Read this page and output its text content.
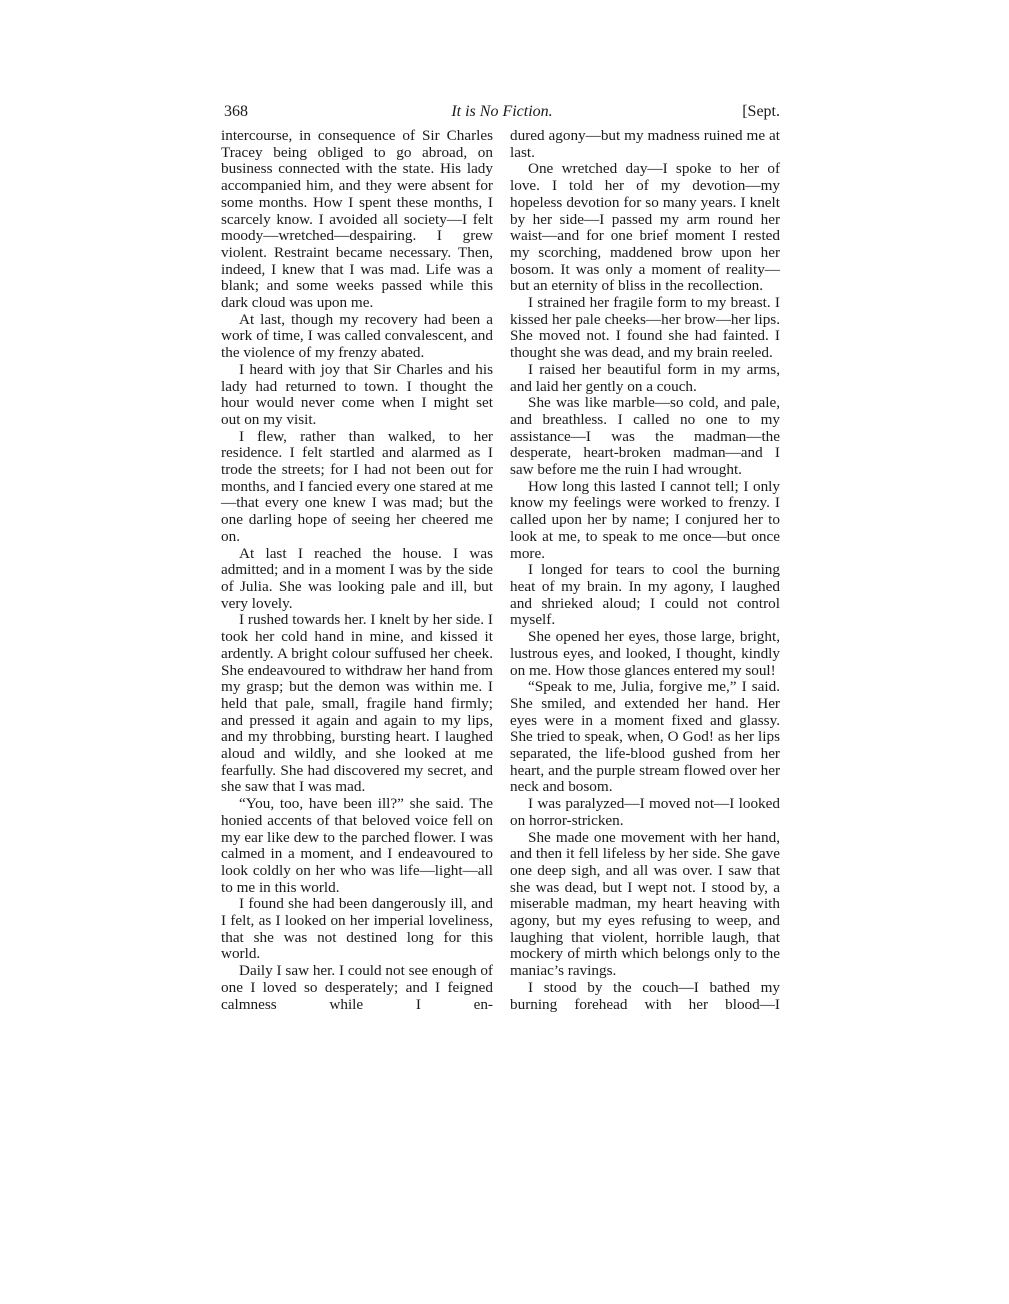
368	It is No Fiction.	[Sept.

intercourse, in consequence of Sir Charles Tracey being obliged to go abroad, on business connected with the state. His lady accompanied him, and they were absent for some months. How I spent these months, I scarcely know. I avoided all society—I felt moody—wretched—despairing. I grew violent. Restraint became necessary. Then, indeed, I knew that I was mad. Life was a blank; and some weeks passed while this dark cloud was upon me.

At last, though my recovery had been a work of time, I was called convalescent, and the violence of my frenzy abated.

I heard with joy that Sir Charles and his lady had returned to town. I thought the hour would never come when I might set out on my visit.

I flew, rather than walked, to her residence. I felt startled and alarmed as I trode the streets; for I had not been out for months, and I fancied every one stared at me—that every one knew I was mad; but the one darling hope of seeing her cheered me on.

At last I reached the house. I was admitted; and in a moment I was by the side of Julia. She was looking pale and ill, but very lovely.

I rushed towards her. I knelt by her side. I took her cold hand in mine, and kissed it ardently. A bright colour suffused her cheek. She endeavoured to withdraw her hand from my grasp; but the demon was within me. I held that pale, small, fragile hand firmly; and pressed it again and again to my lips, and my throbbing, bursting heart. I laughed aloud and wildly, and she looked at me fearfully. She had discovered my secret, and she saw that I was mad.

“You, too, have been ill?” she said. The honied accents of that beloved voice fell on my ear like dew to the parched flower. I was calmed in a moment, and I endeavoured to look coldly on her who was life—light—all to me in this world.

I found she had been dangerously ill, and I felt, as I looked on her imperial loveliness, that she was not destined long for this world.

Daily I saw her. I could not see enough of one I loved so desperately; and I feigned calmness while I en-

dured agony—but my madness ruined me at last.

One wretched day—I spoke to her of love. I told her of my devotion—my hopeless devotion for so many years. I knelt by her side—I passed my arm round her waist—and for one brief moment I rested my scorching, maddened brow upon her bosom. It was only a moment of reality—but an eternity of bliss in the recollection.

I strained her fragile form to my breast. I kissed her pale cheeks—her brow—her lips. She moved not. I found she had fainted. I thought she was dead, and my brain reeled.

I raised her beautiful form in my arms, and laid her gently on a couch.

She was like marble—so cold, and pale, and breathless. I called no one to my assistance—I was the madman—the desperate, heart-broken madman—and I saw before me the ruin I had wrought.

How long this lasted I cannot tell; I only know my feelings were worked to frenzy. I called upon her by name; I conjured her to look at me, to speak to me once—but once more.

I longed for tears to cool the burning heat of my brain. In my agony, I laughed and shrieked aloud; I could not control myself.

She opened her eyes, those large, bright, lustrous eyes, and looked, I thought, kindly on me. How those glances entered my soul!

“Speak to me, Julia, forgive me,” I said. She smiled, and extended her hand. Her eyes were in a moment fixed and glassy. She tried to speak, when, O God! as her lips separated, the life-blood gushed from her heart, and the purple stream flowed over her neck and bosom.

I was paralyzed—I moved not—I looked on horror-stricken.

She made one movement with her hand, and then it fell lifeless by her side. She gave one deep sigh, and all was over. I saw that she was dead, but I wept not. I stood by, a miserable madman, my heart heaving with agony, but my eyes refusing to weep, and laughing that violent, horrible laugh, that mockery of mirth which belongs only to the maniac’s ravings.

I stood by the couch—I bathed my burning forehead with her blood—I
